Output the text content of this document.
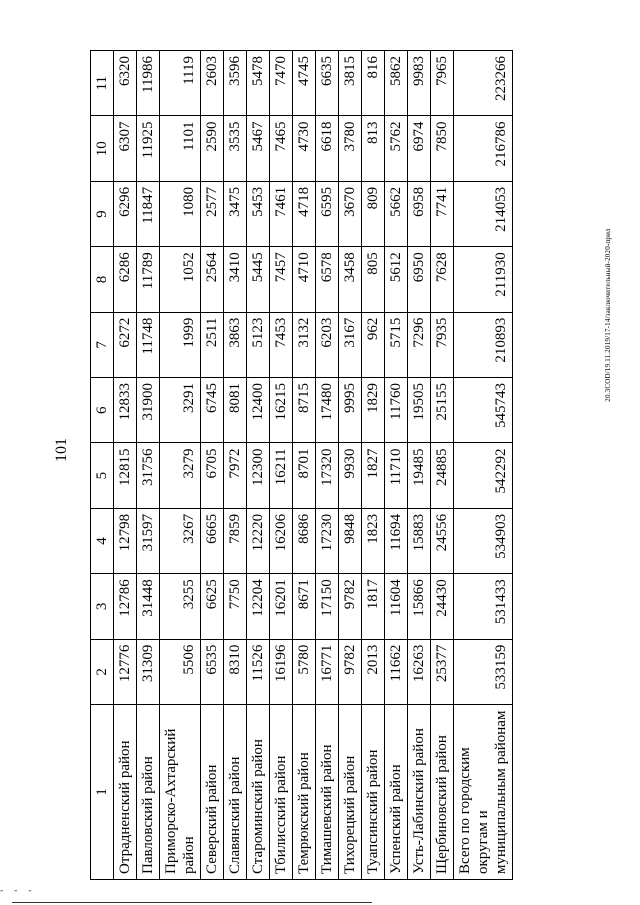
101
20.3COD/19.11.2019/17-14/заключительный-2020-прил
- - -
1	2	3	4	5	6	7	8	9	10	11
Отрадненский район	12776	12786	12798	12815	12833	6272	6286	6296	6307	6320
Павловский район	31309	31448	31597	31756	31900	11748	11789	11847	11925	11986
Приморско-Ахтарский район	5506	3255	3267	3279	3291	1999	1052	1080	1101	1119
Северский район	6535	6625	6665	6705	6745	2511	2564	2577	2590	2603
Славянский район	8310	7750	7859	7972	8081	3863	3410	3475	3535	3596
Староминский район	11526	12204	12220	12300	12400	5123	5445	5453	5467	5478
Тбилисский район	16196	16201	16206	16211	16215	7453	7457	7461	7465	7470
Темрюкский район	5780	8671	8686	8701	8715	3132	4710	4718	4730	4745
Тимашевский район	16771	17150	17230	17320	17480	6203	6578	6595	6618	6635
Тихорецкий район	9782	9782	9848	9930	9995	3167	3458	3670	3780	3815
Туапсинский район	2013	1817	1823	1827	1829	962	805	809	813	816
Успенский район	11662	11604	11694	11710	11760	5715	5612	5662	5762	5862
Усть-Лабинский район	16263	15866	15883	19485	19505	7296	6950	6958	6974	9983
Щербиновский район	25377	24430	24556	24885	25155	7935	7628	7741	7850	7965
Всего по городским округам и муниципальным районам	533159	531433	534903	542292	545743	210893	211930	214053	216786	223266
